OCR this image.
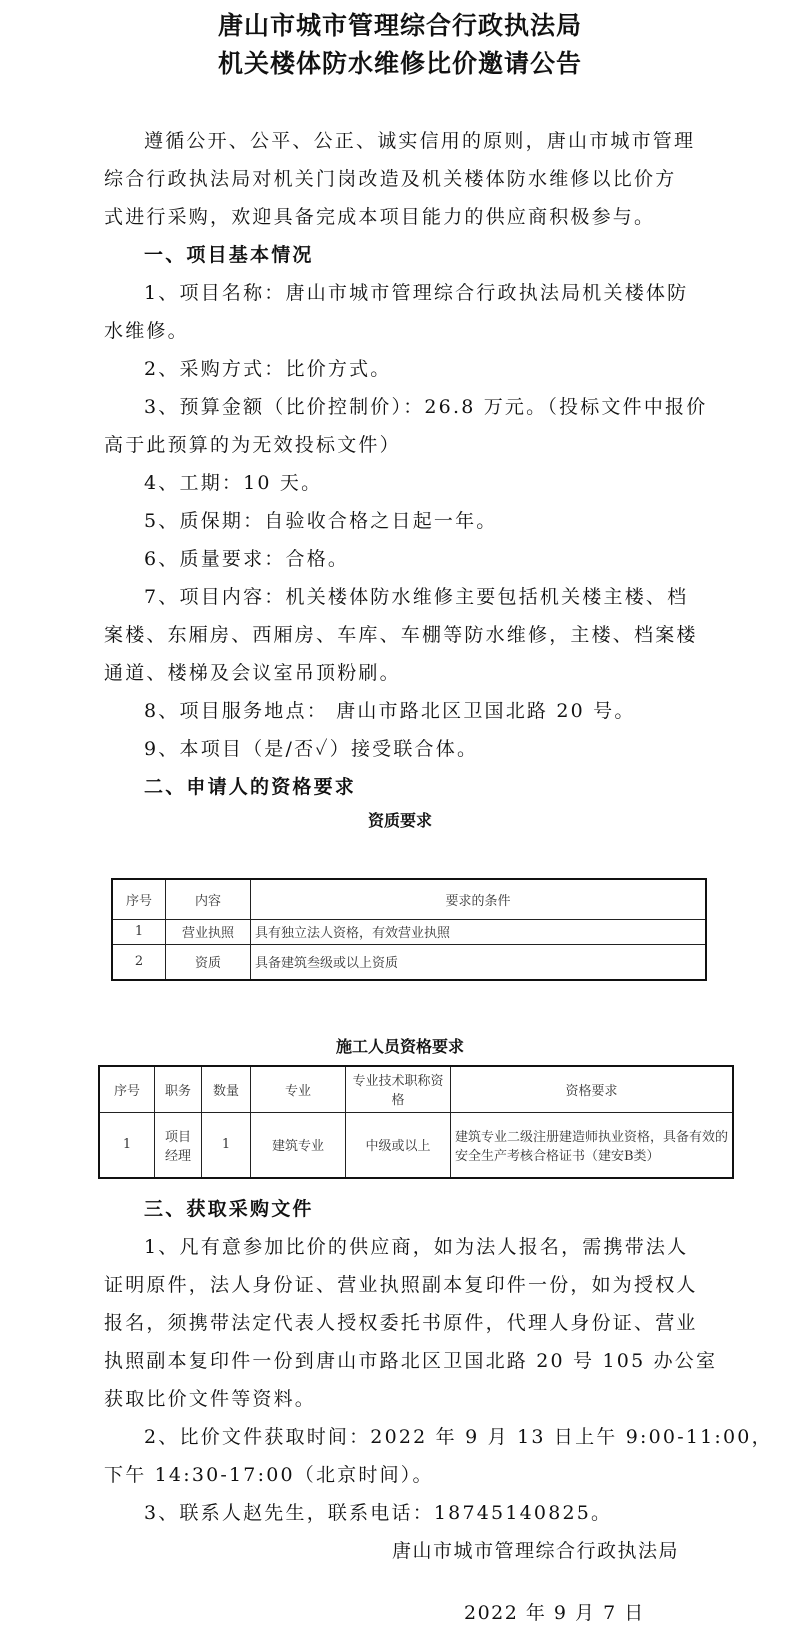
唐山市城市管理综合行政执法局
机关楼体防水维修比价邀请公告
遵循公开、公平、公正、诚实信用的原则，唐山市城市管理
综合行政执法局对机关门岗改造及机关楼体防水维修以比价方
式进行采购，欢迎具备完成本项目能力的供应商积极参与。
一、项目基本情况
1、项目名称：唐山市城市管理综合行政执法局机关楼体防
水维修。
2、采购方式：比价方式。
3、预算金额（比价控制价）：26.8 万元。（投标文件中报价
高于此预算的为无效投标文件）
4、工期：10 天。
5、质保期：自验收合格之日起一年。
6、质量要求：合格。
7、项目内容：机关楼体防水维修主要包括机关楼主楼、档
案楼、东厢房、西厢房、车库、车棚等防水维修，主楼、档案楼
通道、楼梯及会议室吊顶粉刷。
8、项目服务地点： 唐山市路北区卫国北路 20 号。
9、本项目（是/否✓）接受联合体。
二、申请人的资格要求
资质要求
序号	内容	要求的条件
1	营业执照	具有独立法人资格，有效营业执照
2	资质	具备建筑叁级或以上资质
施工人员资格要求
序号	职务	数量	专业	专业技术职称资格	资格要求
1	项目经理	1	建筑专业	中级或以上	建筑专业二级注册建造师执业资格，具备有效的安全生产考核合格证书（建安B类）
三、获取采购文件
1、凡有意参加比价的供应商，如为法人报名，需携带法人
证明原件，法人身份证、营业执照副本复印件一份，如为授权人
报名，须携带法定代表人授权委托书原件，代理人身份证、营业
执照副本复印件一份到唐山市路北区卫国北路 20 号 105 办公室
获取比价文件等资料。
2、比价文件获取时间：2022 年 9 月 13 日上午 9:00-11:00，
下午 14:30-17:00（北京时间）。
3、联系人赵先生，联系电话：18745140825。
唐山市城市管理综合行政执法局
2022 年 9 月 7 日
